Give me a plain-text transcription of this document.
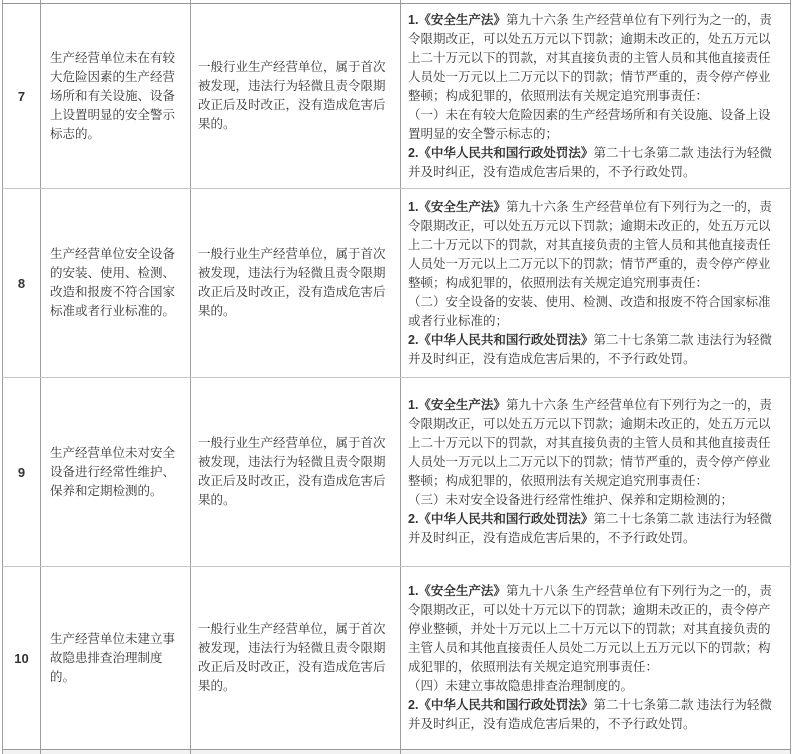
7	生产经营单位未在有较大危险因素的生产经营场所和有关设施、设备上设置明显的安全警示标志的。	一般行业生产经营单位，属于首次被发现，违法行为轻微且责令限期改正后及时改正，没有造成危害后果的。	1.《安全生产法》第九十六条 生产经营单位有下列行为之一的，责令限期改正，可以处五万元以下罚款；逾期未改正的，处五万元以上二十万元以下的罚款，对其直接负责的主管人员和其他直接责任人员处一万元以上二万元以下的罚款；情节严重的，责令停产停业整顿；构成犯罪的，依照刑法有关规定追究刑事责任：
（一）未在有较大危险因素的生产经营场所和有关设施、设备上设置明显的安全警示标志的；
2.《中华人民共和国行政处罚法》第二十七条第二款 违法行为轻微并及时纠正，没有造成危害后果的，不予行政处罚。

8	生产经营单位安全设备的安装、使用、检测、改造和报废不符合国家标准或者行业标准的。	一般行业生产经营单位，属于首次被发现，违法行为轻微且责令限期改正后及时改正，没有造成危害后果的。	1.《安全生产法》第九十六条 生产经营单位有下列行为之一的，责令限期改正，可以处五万元以下罚款；逾期未改正的，处五万元以上二十万元以下的罚款，对其直接负责的主管人员和其他直接责任人员处一万元以上二万元以下的罚款；情节严重的，责令停产停业整顿；构成犯罪的，依照刑法有关规定追究刑事责任：
（二）安全设备的安装、使用、检测、改造和报废不符合国家标准或者行业标准的；
2.《中华人民共和国行政处罚法》第二十七条第二款 违法行为轻微并及时纠正，没有造成危害后果的，不予行政处罚。

9	生产经营单位未对安全设备进行经常性维护、保养和定期检测的。	一般行业生产经营单位，属于首次被发现，违法行为轻微且责令限期改正后及时改正，没有造成危害后果的。	1.《安全生产法》第九十六条 生产经营单位有下列行为之一的，责令限期改正，可以处五万元以下罚款；逾期未改正的，处五万元以上二十万元以下的罚款，对其直接负责的主管人员和其他直接责任人员处一万元以上二万元以下的罚款；情节严重的，责令停产停业整顿；构成犯罪的，依照刑法有关规定追究刑事责任：
（三）未对安全设备进行经常性维护、保养和定期检测的；
2.《中华人民共和国行政处罚法》第二十七条第二款 违法行为轻微并及时纠正，没有造成危害后果的，不予行政处罚。

10	生产经营单位未建立事故隐患排查治理制度的。	一般行业生产经营单位，属于首次被发现，违法行为轻微且责令限期改正后及时改正，没有造成危害后果的。	1.《安全生产法》第九十八条 生产经营单位有下列行为之一的，责令限期改正，可以处十万元以下的罚款；逾期未改正的，责令停产停业整顿，并处十万元以上二十万元以下的罚款；对其直接负责的主管人员和其他直接责任人员处二万元以上五万元以下的罚款；构成犯罪的，依照刑法有关规定追究刑事责任：
（四）未建立事故隐患排查治理制度的。
2.《中华人民共和国行政处罚法》第二十七条第二款 违法行为轻微并及时纠正，没有造成危害后果的，不予行政处罚。
